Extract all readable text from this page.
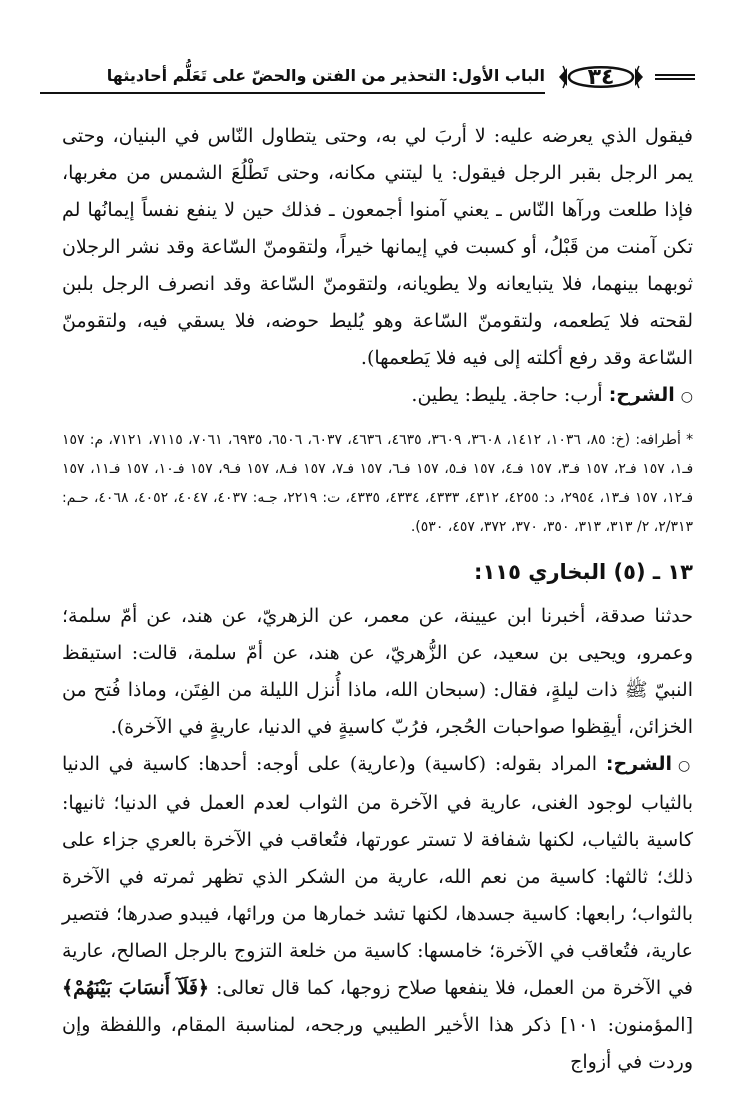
٣٤
الباب الأول: التحذير من الفتن والحضّ على تَعَلُّم أحاديثها

فيقول الذي يعرضه عليه: لا أربَ لي به، وحتى يتطاول النّاس في البنيان، وحتى يمر الرجل بقبر الرجل فيقول: يا ليتني مكانه، وحتى تَطْلُعَ الشمس من مغربها، فإذا طلعت ورآها النّاس ـ يعني آمنوا أجمعون ـ فذلك حين لا ينفع نفساً إيمانُها لم تكن آمنت من قَبْلُ، أو كسبت في إيمانها خيراً، ولتقومنّ السّاعة وقد نشر الرجلان ثوبهما بينهما، فلا يتبايعانه ولا يطويانه، ولتقومنّ السّاعة وقد انصرف الرجل بلبن لقحته فلا يَطعمه، ولتقومنّ السّاعة وهو يُليط حوضه، فلا يسقي فيه، ولتقومنّ السّاعة وقد رفع أكلته إلى فيه فلا يَطعمها).

○الشرح: أرب: حاجة. يليط: يطين.

* أطرافه: (خ: ٨٥، ١٠٣٦، ١٤١٢، ٣٦٠٨، ٣٦٠٩، ٤٦٣٥، ٤٦٣٦، ٦٠٣٧، ٦٥٠٦، ٦٩٣٥، ٧٠٦١، ٧١١٥، ٧١٢١، م: ١٥٧ فـ١، ١٥٧ فـ٢، ١٥٧ فـ٣، ١٥٧ فـ٤، ١٥٧ فـ٥، ١٥٧ فـ٦، ١٥٧ فـ٧، ١٥٧ فـ٨، ١٥٧ فـ٩، ١٥٧ فـ١٠، ١٥٧ فـ١١، ١٥٧ فـ١٢، ١٥٧ فـ١٣، ٢٩٥٤، د: ٤٢٥٥، ٤٣١٢، ٤٣٣٣، ٤٣٣٤، ٤٣٣٥، ت: ٢٢١٩، جـه: ٤٠٣٧، ٤٠٤٧، ٤٠٥٢، ٤٠٦٨، حـم: ٢/٣١٣، ٢/ ٣١٣، ٣١٣، ٣٥٠، ٣٧٠، ٣٧٢، ٤٥٧، ٥٣٠).

١٣ ـ (٥) البخاري ١١٥:

حدثنا صدقة، أخبرنا ابن عيينة، عن معمر، عن الزهريّ، عن هند، عن أمّ سلمة؛ وعمرو، ويحيى بن سعيد، عن الزُّهريّ، عن هند، عن أمّ سلمة، قالت: استيقظ النبيّ ﷺ ذات ليلةٍ، فقال: (سبحان الله، ماذا أُنزل الليلة من الفِتَن، وماذا فُتح من الخزائن، أيقِظوا صواحبات الحُجر، فرُبّ كاسيةٍ في الدنيا، عاريةٍ في الآخرة).

○الشرح: المراد بقوله: (كاسية) و(عارية) على أوجه: أحدها: كاسية في الدنيا بالثياب لوجود الغنى، عارية في الآخرة من الثواب لعدم العمل في الدنيا؛ ثانيها: كاسية بالثياب، لكنها شفافة لا تستر عورتها، فتُعاقب في الآخرة بالعري جزاء على ذلك؛ ثالثها: كاسية من نعم الله، عارية من الشكر الذي تظهر ثمرته في الآخرة بالثواب؛ رابعها: كاسية جسدها، لكنها تشد خمارها من ورائها، فيبدو صدرها؛ فتصير عارية، فتُعاقب في الآخرة؛ خامسها: كاسية من خلعة التزوج بالرجل الصالح، عارية في الآخرة من العمل، فلا ينفعها صلاح زوجها، كما قال تعالى: ﴿فَلَآ أَنسَابَ بَيْنَهُمْ﴾ [المؤمنون: ١٠١] ذكر هذا الأخير الطيبي ورجحه، لمناسبة المقام، واللفظة وإن وردت في أزواج
